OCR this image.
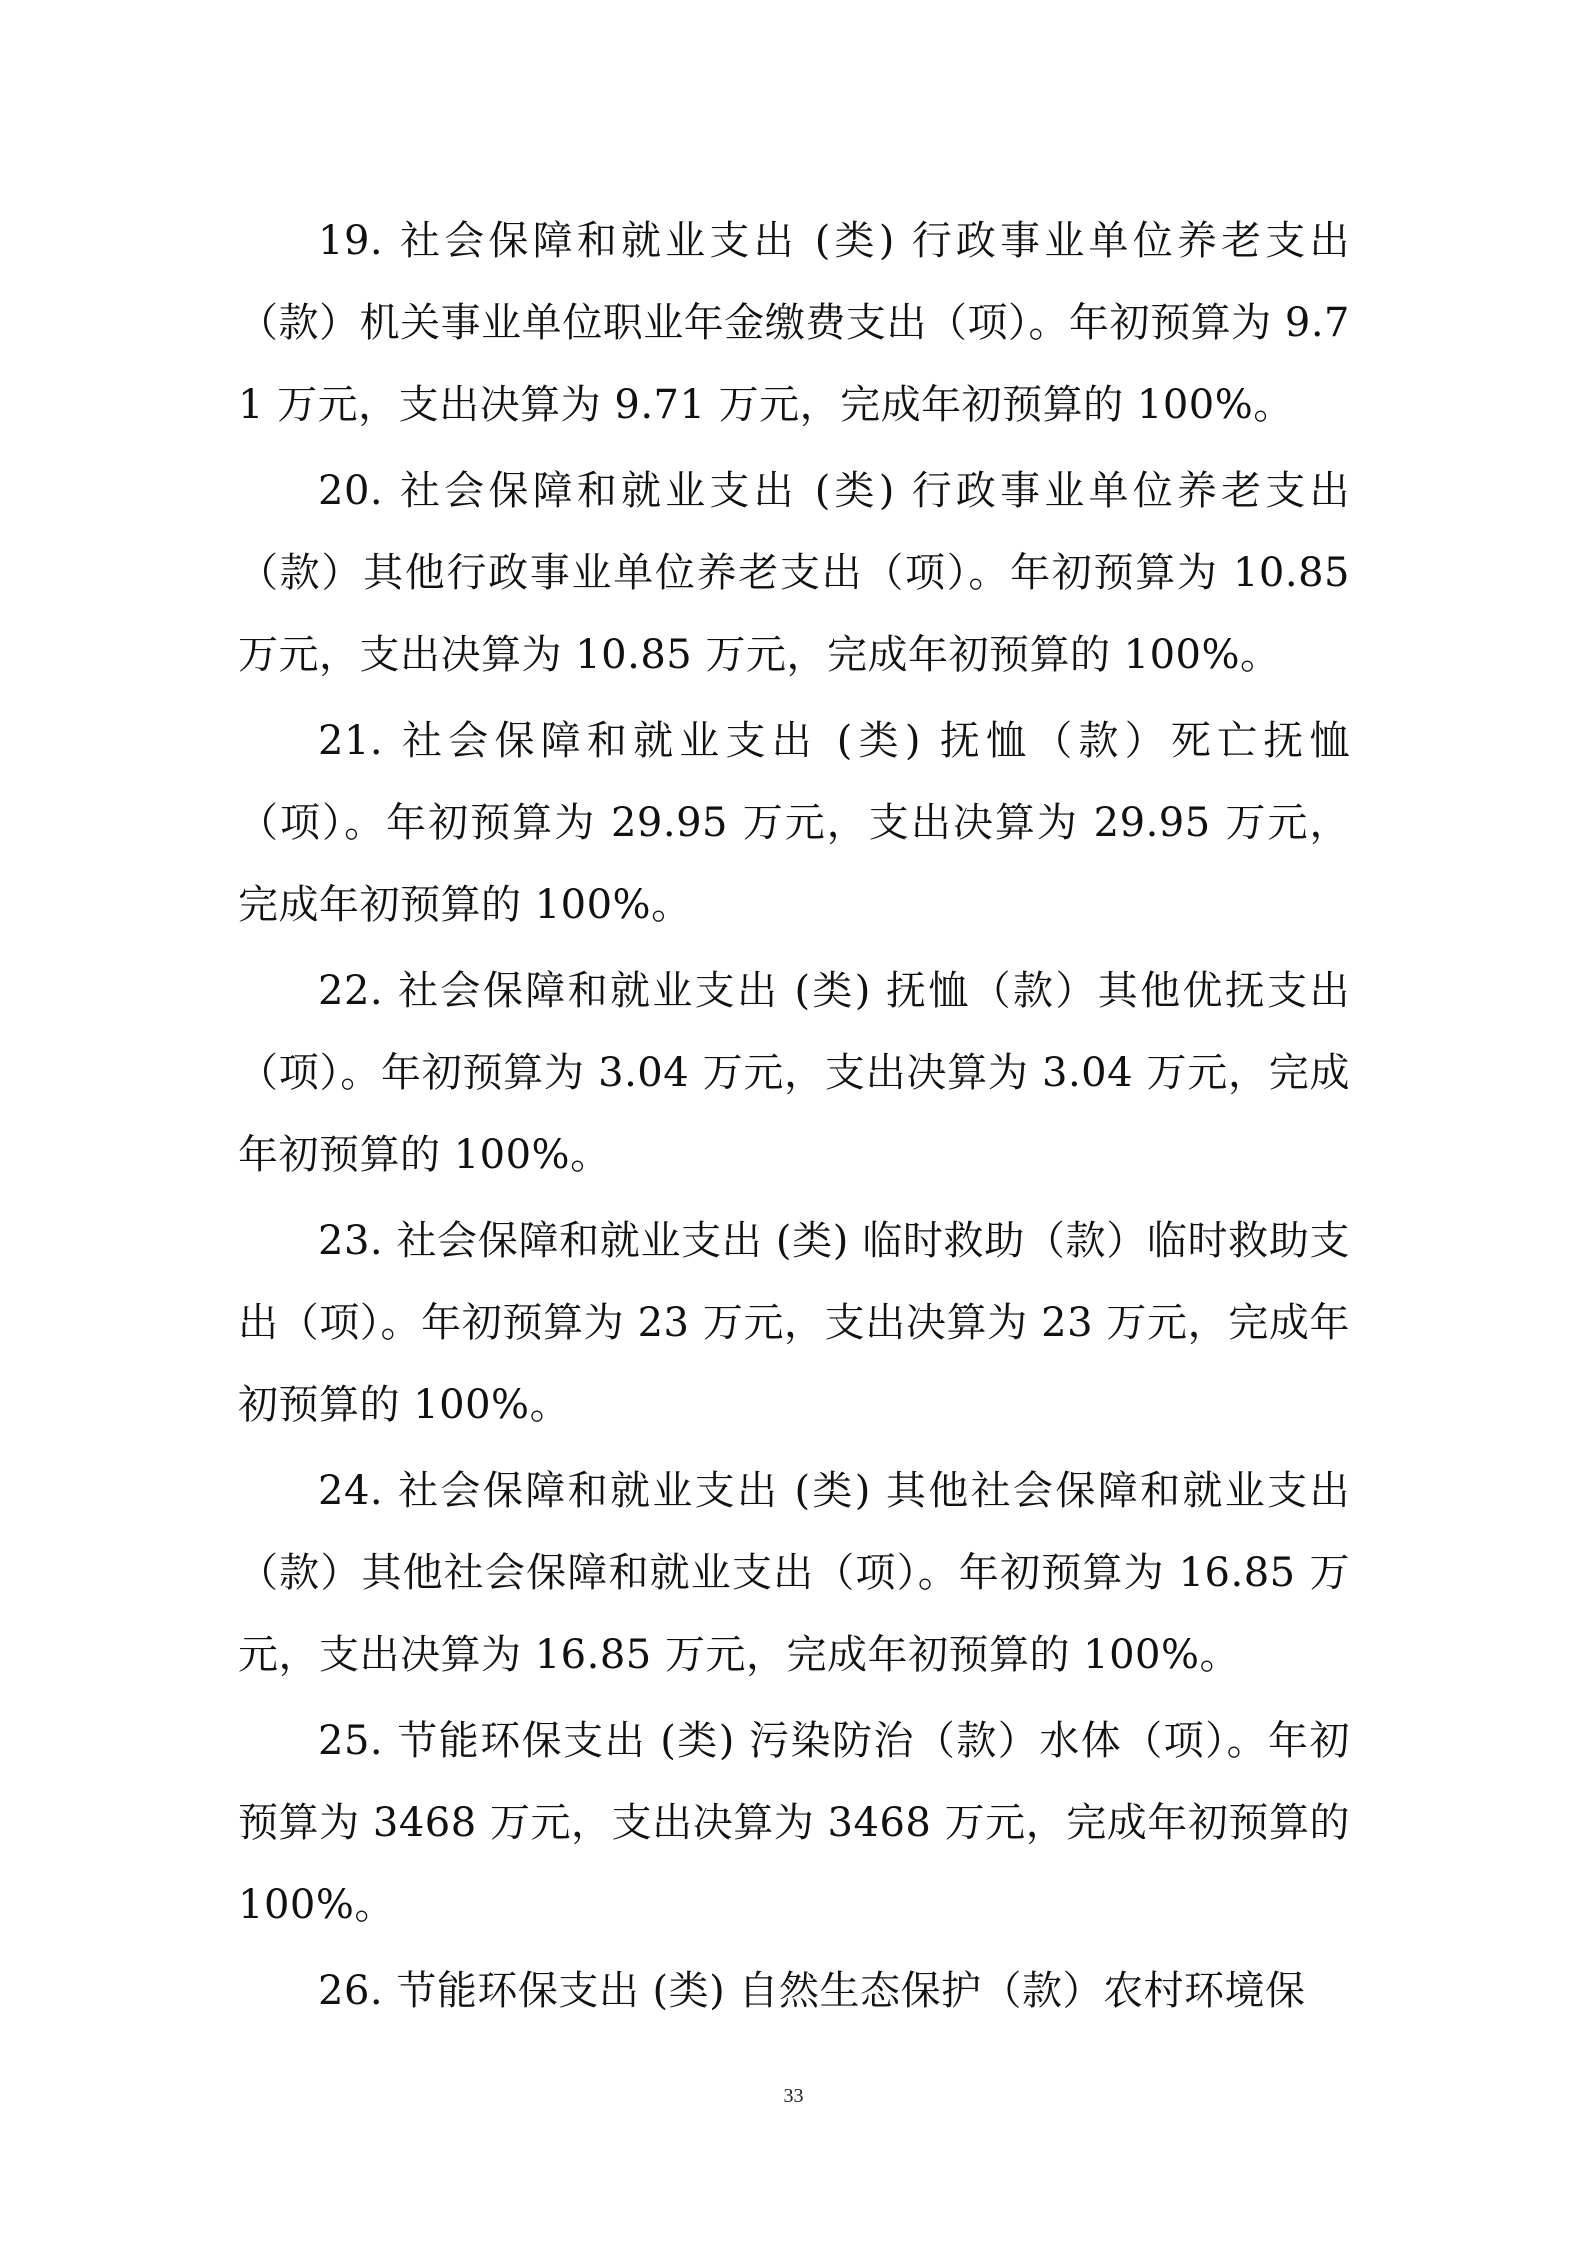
19. 社会保障和就业支出 (类) 行政事业单位养老支出（款）机关事业单位职业年金缴费支出（项）。年初预算为 9.71 万元，支出决算为 9.71 万元，完成年初预算的 100%。

20. 社会保障和就业支出 (类) 行政事业单位养老支出（款）其他行政事业单位养老支出（项）。年初预算为 10.85 万元，支出决算为 10.85 万元，完成年初预算的 100%。

21. 社会保障和就业支出 (类) 抚恤（款）死亡抚恤（项）。年初预算为 29.95 万元，支出决算为 29.95 万元，完成年初预算的 100%。

22. 社会保障和就业支出 (类) 抚恤（款）其他优抚支出（项）。年初预算为 3.04 万元，支出决算为 3.04 万元，完成年初预算的 100%。

23. 社会保障和就业支出 (类) 临时救助（款）临时救助支出（项）。年初预算为 23 万元，支出决算为 23 万元，完成年初预算的 100%。

24. 社会保障和就业支出 (类) 其他社会保障和就业支出（款）其他社会保障和就业支出（项）。年初预算为 16.85 万元，支出决算为 16.85 万元，完成年初预算的 100%。

25. 节能环保支出 (类) 污染防治（款）水体（项）。年初预算为 3468 万元，支出决算为 3468 万元，完成年初预算的 100%。

26. 节能环保支出 (类) 自然生态保护（款）农村环境保

33
